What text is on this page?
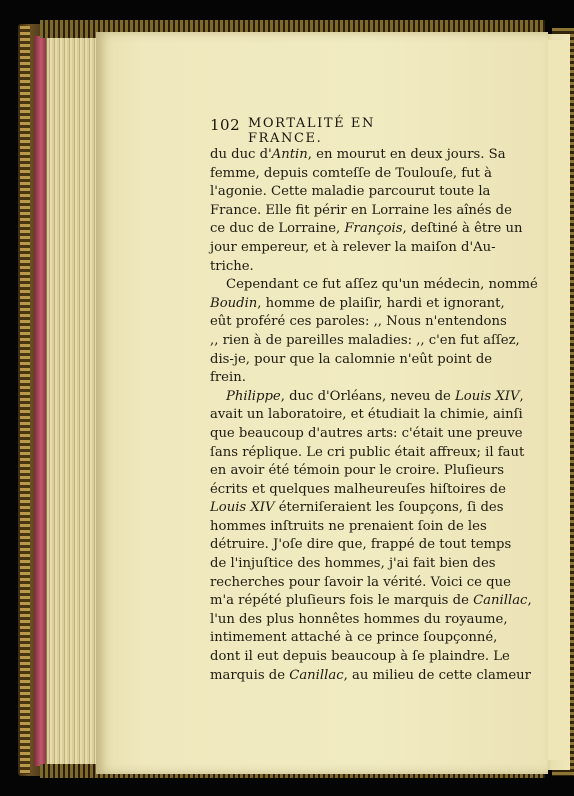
102 MORTALITÉ EN FRANCE.
du duc d'Antin, en mourut en deux jours. Sa
femme, depuis comteſſe de Toulouſe, fut à
l'agonie. Cette maladie parcourut toute la
France. Elle fit périr en Lorraine les aînés de
ce duc de Lorraine, François, deſtiné à être un
jour empereur, et à relever la maiſon d'Au-
triche.
Cependant ce fut aſſez qu'un médecin, nommé
Boudin, homme de plaiſir, hardi et ignorant,
eût proféré ces paroles: ,, Nous n'entendons
,, rien à de pareilles maladies: ,, c'en fut aſſez,
dis-je, pour que la calomnie n'eût point de
frein.
Philippe, duc d'Orléans, neveu de Louis XIV,
avait un laboratoire, et étudiait la chimie, ainſi
que beaucoup d'autres arts: c'était une preuve
ſans réplique. Le cri public était affreux; il faut
en avoir été témoin pour le croire. Pluſieurs
écrits et quelques malheureuſes hiſtoires de
Louis XIV éterniſeraient les ſoupçons, ſi des
hommes inſtruits ne prenaient ſoin de les
détruire. J'oſe dire que, frappé de tout temps
de l'injuſtice des hommes, j'ai fait bien des
recherches pour ſavoir la vérité. Voici ce que
m'a répété pluſieurs fois le marquis de Canillac,
l'un des plus honnêtes hommes du royaume,
intimement attaché à ce prince ſoupçonné,
dont il eut depuis beaucoup à ſe plaindre. Le
marquis de Canillac, au milieu de cette clameur
